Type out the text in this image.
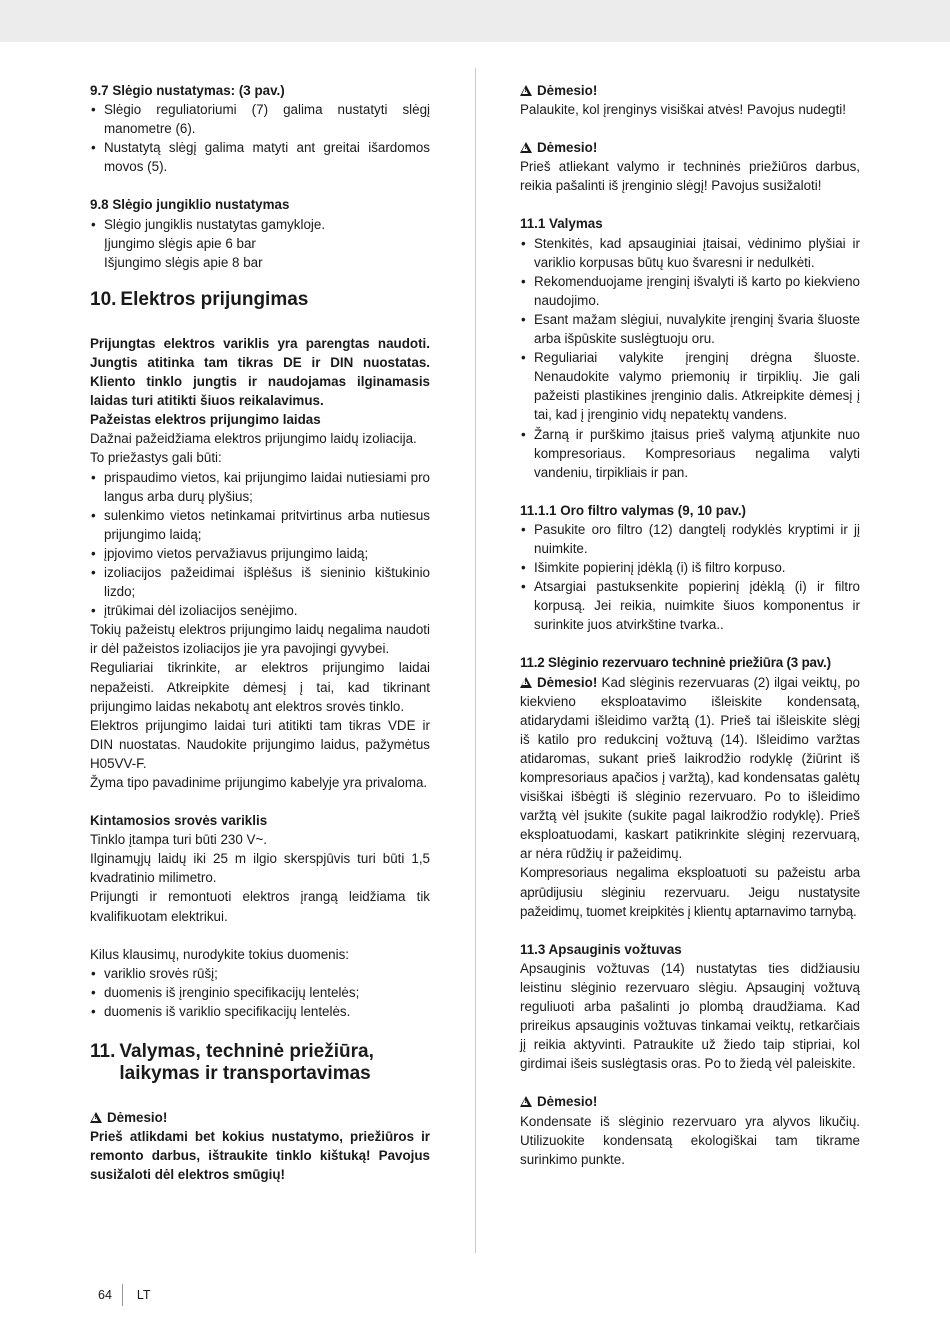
9.7 Slėgio nustatymas: (3 pav.)
• Slėgio reguliatoriumi (7) galima nustatyti slėgį manometre (6).
• Nustatytą slėgį galima matyti ant greitai išardomos movos (5).
9.8 Slėgio jungiklio nustatymas
• Slėgio jungiklis nustatytas gamykloje.
Įjungimo slėgis apie 6 bar
Išjungimo slėgis apie 8 bar
10. Elektros prijungimas
Prijungtas elektros variklis yra parengtas naudoti. Jungtis atitinka tam tikras DE ir DIN nuostatas. Kliento tinklo jungtis ir naudojamas ilginamasis laidas turi atitikti šiuos reikalavimus.
Pažeistas elektros prijungimo laidas
Dažnai pažeidžiama elektros prijungimo laidų izoliacija.
To priežastys gali būti:
• prispaudimo vietos, kai prijungimo laidai nutiesiami pro langus arba durų plyšius;
• sulenkimo vietos netinkamai pritvirtinus arba nutiesus prijungimo laidą;
• įpjovimo vietos pervažiavus prijungimo laidą;
• izoliacijos pažeidimai išplėšus iš sieninio kištukinio lizdo;
• įtrūkimai dėl izoliacijos senėjimo.
Tokių pažeistų elektros prijungimo laidų negalima naudoti ir dėl pažeistos izoliacijos jie yra pavojingi gyvybei.
Reguliariai tikrinkite, ar elektros prijungimo laidai nepažeisti. Atkreipkite dėmesį į tai, kad tikrinant prijungimo laidas nekabotų ant elektros srovės tinklo.
Elektros prijungimo laidai turi atitikti tam tikras VDE ir DIN nuostatas. Naudokite prijungimo laidus, pažymėtus H05VV-F.
Žyma tipo pavadinime prijungimo kabelyje yra privaloma.
Kintamosios srovės variklis
Tinklo įtampa turi būti 230 V~.
Ilginamųjų laidų iki 25 m ilgio skerspjūvis turi būti 1,5 kvadratinio milimetro.
Prijungti ir remontuoti elektros įrangą leidžiama tik kvalifikuotam elektrikui.
Kilus klausimų, nurodykite tokius duomenis:
• variklio srovės rūšį;
• duomenis iš įrenginio specifikacijų lentelės;
• duomenis iš variklio specifikacijų lentelės.
11. Valymas, techninė priežiūra, laikymas ir transportavimas
!Dėmesio!
Prieš atlikdami bet kokius nustatymo, priežiūros ir remonto darbus, ištraukite tinklo kištuką! Pavojus susižaloti dėl elektros smūgių!
!Dėmesio!
Palaukite, kol įrenginys visiškai atvės! Pavojus nudegti!
!Dėmesio!
Prieš atliekant valymo ir techninės priežiūros darbus, reikia pašalinti iš įrenginio slėgį! Pavojus susižaloti!
11.1 Valymas
• Stenkitės, kad apsauginiai įtaisai, vėdinimo plyšiai ir variklio korpusas būtų kuo švaresni ir nedulkėti.
• Rekomenduojame įrenginį išvalyti iš karto po kiekvieno naudojimo.
• Esant mažam slėgiui, nuvalykite įrenginį švaria šluoste arba išpūskite suslėgtuoju oru.
• Reguliariai valykite įrenginį drėgna šluoste. Nenaudokite valymo priemonių ir tirpiklių. Jie gali pažeisti plastikines įrenginio dalis. Atkreipkite dėmesį į tai, kad į įrenginio vidų nepatektų vandens.
• Žarną ir purškimo įtaisus prieš valymą atjunkite nuo kompresoriaus. Kompresoriaus negalima valyti vandeniu, tirpikliais ir pan.
11.1.1 Oro filtro valymas (9, 10 pav.)
• Pasukite oro filtro (12) dangtelį rodyklės kryptimi ir jį nuimkite.
• Išimkite popierinį įdėklą (i) iš filtro korpuso.
• Atsargiai pastuksenkite popierinį įdėklą (i) ir filtro korpusą. Jei reikia, nuimkite šiuos komponentus ir surinkite juos atvirkštine tvarka..
11.2 Slėginio rezervuaro techninė priežiūra (3 pav.)
!Dėmesio! Kad slėginis rezervuaras (2) ilgai veiktų, po kiekvieno eksploatavimo išleiskite kondensatą, atidarydami išleidimo varžtą (1). Prieš tai išleiskite slėgį iš katilo pro redukcinį vožtuvą (14). Išleidimo varžtas atidaromas, sukant prieš laikrodžio rodyklę (žiūrint iš kompresoriaus apačios į varžtą), kad kondensatas galėtų visiškai išbėgti iš slėginio rezervuaro. Po to išleidimo varžtą vėl įsukite (sukite pagal laikrodžio rodyklę). Prieš eksploatuodami, kaskart patikrinkite slėginį rezervuarą, ar nėra rūdžių ir pažeidimų.
Kompresoriaus negalima eksploatuoti su pažeistu arba aprūdijusiu slėginiu rezervuaru. Jeigu nustatysite pažeidimų, tuomet kreipkitės į klientų aptarnavimo tarnybą.
11.3 Apsauginis vožtuvas
Apsauginis vožtuvas (14) nustatytas ties didžiausiu leistinu slėginio rezervuaro slėgiu. Apsauginį vožtuvą reguliuoti arba pašalinti jo plombą draudžiama. Kad prireikus apsauginis vožtuvas tinkamai veiktų, retkarčiais jį reikia aktyvinti. Patraukite už žiedo taip stipriai, kol girdimai išeis suslėgtasis oras. Po to žiedą vėl paleiskite.
!Dėmesio!
Kondensate iš slėginio rezervuaro yra alyvos likučių. Utilizuokite kondensatą ekologiškai tam tikrame surinkimo punkte.
64 LT
